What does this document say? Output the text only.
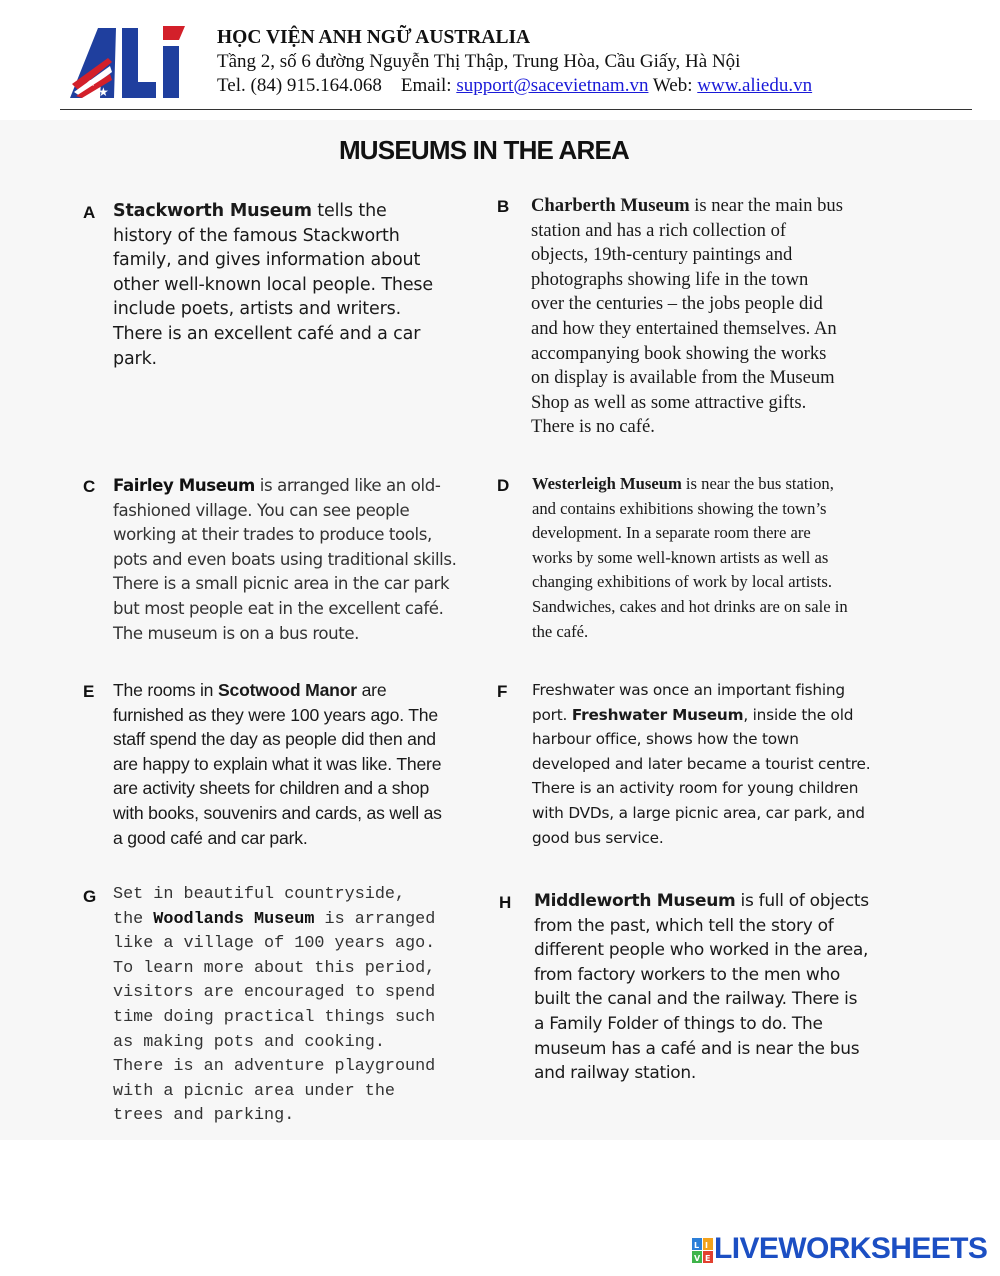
★
HỌC VIỆN ANH NGỮ AUSTRALIA
Tầng 2, số 6 đường Nguyễn Thị Thập, Trung Hòa, Cầu Giấy, Hà Nội
Tel. (84) 915.164.068 Email: support@sacevietnam.vn Web: www.aliedu.vn
MUSEUMS IN THE AREA
A Stackworth Museum tells the
history of the famous Stackworth
family, and gives information about
other well-known local people. These
include poets, artists and writers.
There is an excellent café and a car
park.
B Charberth Museum is near the main bus
station and has a rich collection of
objects, 19th-century paintings and
photographs showing life in the town
over the centuries – the jobs people did
and how they entertained themselves. An
accompanying book showing the works
on display is available from the Museum
Shop as well as some attractive gifts.
There is no café.
C Fairley Museum is arranged like an old-
fashioned village. You can see people
working at their trades to produce tools,
pots and even boats using traditional skills.
There is a small picnic area in the car park
but most people eat in the excellent café.
The museum is on a bus route.
D Westerleigh Museum is near the bus station,
and contains exhibitions showing the town’s
development. In a separate room there are
works by some well-known artists as well as
changing exhibitions of work by local artists.
Sandwiches, cakes and hot drinks are on sale in
the café.
E The rooms in Scotwood Manor are
furnished as they were 100 years ago. The
staff spend the day as people did then and
are happy to explain what it was like. There
are activity sheets for children and a shop
with books, souvenirs and cards, as well as
a good café and car park.
F Freshwater was once an important fishing
port. Freshwater Museum, inside the old
harbour office, shows how the town
developed and later became a tourist centre.
There is an activity room for young children
with DVDs, a large picnic area, car park, and
good bus service.
G Set in beautiful countryside,
the Woodlands Museum is arranged
like a village of 100 years ago.
To learn more about this period,
visitors are encouraged to spend
time doing practical things such
as making pots and cooking.
There is an adventure playground
with a picnic area under the
trees and parking.
H Middleworth Museum is full of objects
from the past, which tell the story of
different people who worked in the area,
from factory workers to the men who
built the canal and the railway. There is
a Family Folder of things to do. The
museum has a café and is near the bus
and railway station.
L I
V E LIVEWORKSHEETS
